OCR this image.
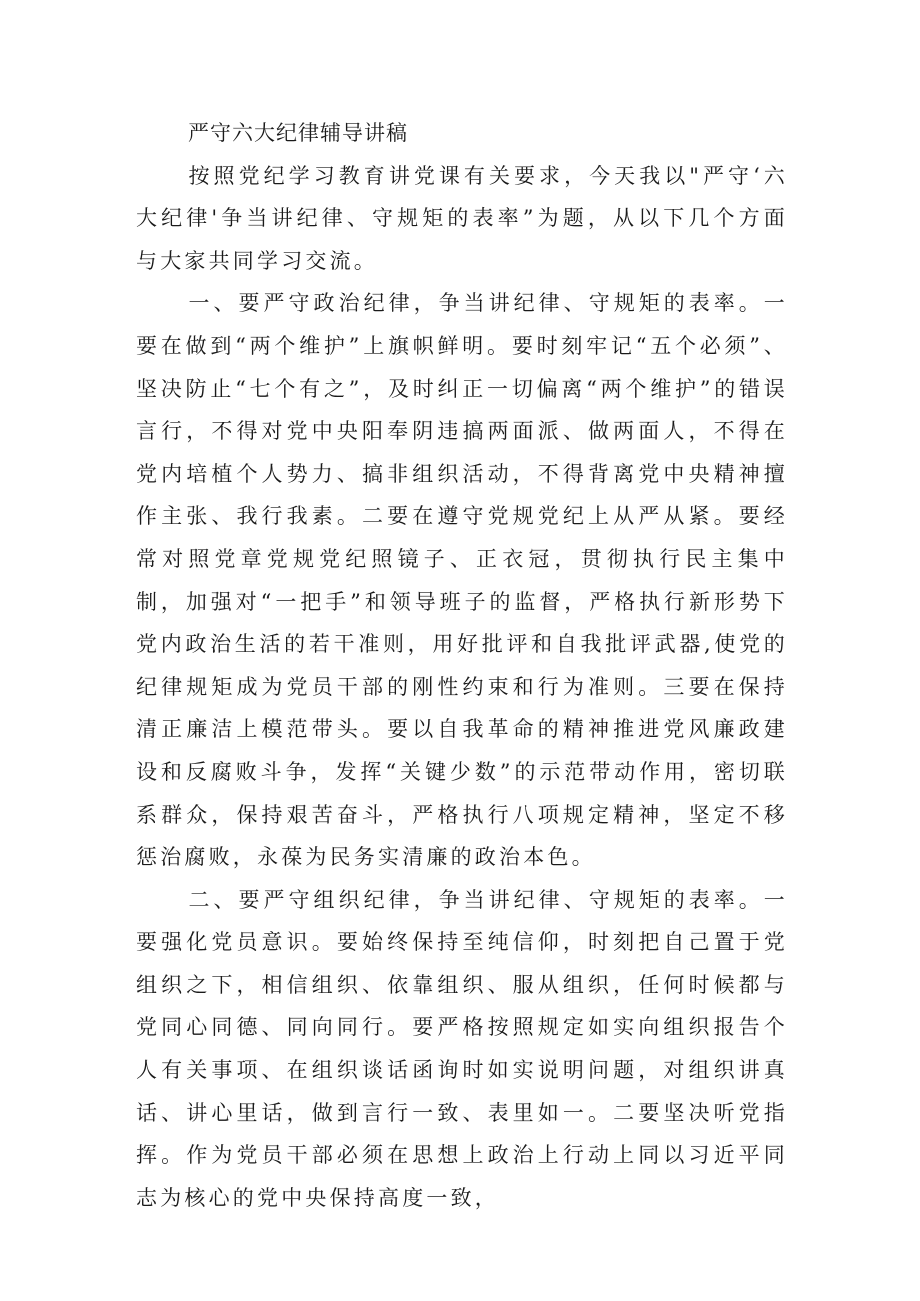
严守六大纪律辅导讲稿

按照党纪学习教育讲党课有关要求，今天我以"严守‘六大纪律'争当讲纪律、守规矩的表率”为题，从以下几个方面与大家共同学习交流。

一、要严守政治纪律，争当讲纪律、守规矩的表率。一要在做到“两个维护”上旗帜鲜明。要时刻牢记“五个必须”、坚决防止“七个有之”，及时纠正一切偏离“两个维护”的错误言行，不得对党中央阳奉阴违搞两面派、做两面人，不得在党内培植个人势力、搞非组织活动，不得背离党中央精神擅作主张、我行我素。二要在遵守党规党纪上从严从紧。要经常对照党章党规党纪照镜子、正衣冠，贯彻执行民主集中制，加强对“一把手”和领导班子的监督，严格执行新形势下党内政治生活的若干准则，用好批评和自我批评武器,使党的纪律规矩成为党员干部的刚性约束和行为准则。三要在保持清正廉洁上模范带头。要以自我革命的精神推进党风廉政建设和反腐败斗争，发挥“关键少数”的示范带动作用，密切联系群众，保持艰苦奋斗，严格执行八项规定精神，坚定不移惩治腐败，永葆为民务实清廉的政治本色。

二、要严守组织纪律，争当讲纪律、守规矩的表率。一要强化党员意识。要始终保持至纯信仰，时刻把自己置于党组织之下，相信组织、依靠组织、服从组织，任何时候都与党同心同德、同向同行。要严格按照规定如实向组织报告个人有关事项、在组织谈话函询时如实说明问题，对组织讲真话、讲心里话，做到言行一致、表里如一。二要坚决听党指挥。作为党员干部必须在思想上政治上行动上同以习近平同志为核心的党中央保持高度一致，
